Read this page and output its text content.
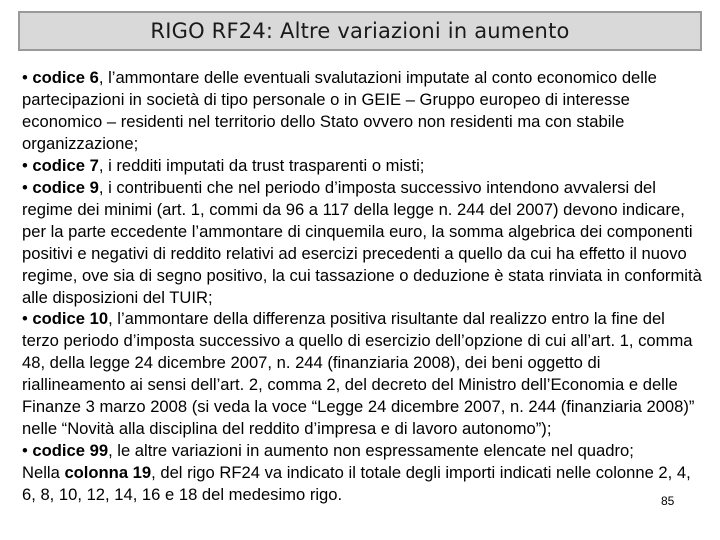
RIGO RF24: Altre variazioni in aumento

• codice 6, l’ammontare delle eventuali svalutazioni imputate al conto economico delle partecipazioni in società di tipo personale o in GEIE – Gruppo europeo di interesse economico – residenti nel territorio dello Stato ovvero non residenti ma con stabile organizzazione;

• codice 7, i redditi imputati da trust trasparenti o misti;

• codice 9, i contribuenti che nel periodo d’imposta successivo intendono avvalersi del regime dei minimi (art. 1, commi da 96 a 117 della legge n. 244 del 2007) devono indicare, per la parte eccedente l’ammontare di cinquemila euro, la somma algebrica dei componenti positivi e negativi di reddito relativi ad esercizi precedenti a quello da cui ha effetto il nuovo regime, ove sia di segno positivo, la cui tassazione o deduzione è stata rinviata in conformità alle disposizioni del TUIR;

• codice 10, l’ammontare della differenza positiva risultante dal realizzo entro la fine del terzo periodo d’imposta successivo a quello di esercizio dell’opzione di cui all’art. 1, comma 48, della legge 24 dicembre 2007, n. 244 (finanziaria 2008), dei beni oggetto di riallineamento ai sensi dell’art. 2, comma 2, del decreto del Ministro dell’Economia e delle Finanze 3 marzo 2008 (si veda la voce “Legge 24 dicembre 2007, n. 244 (finanziaria 2008)” nelle “Novità alla disciplina del reddito d’impresa e di lavoro autonomo”);

• codice 99, le altre variazioni in aumento non espressamente elencate nel quadro;

Nella colonna 19, del rigo RF24 va indicato il totale degli importi indicati nelle colonne 2, 4, 6, 8, 10, 12, 14, 16 e 18 del medesimo rigo.	85
